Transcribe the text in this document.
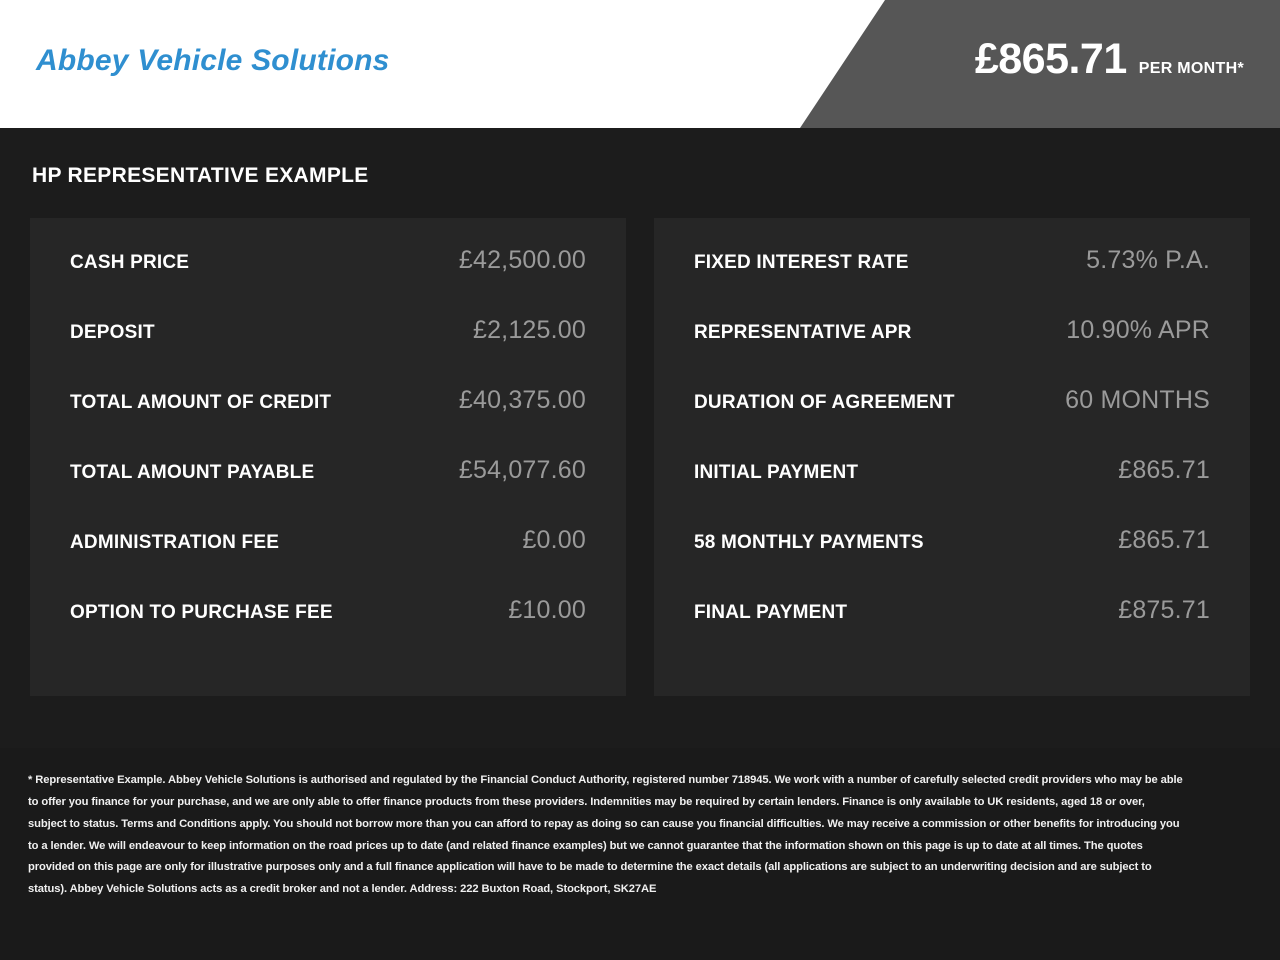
Abbey Vehicle Solutions	£865.71 PER MONTH*
HP REPRESENTATIVE EXAMPLE
CASH PRICE	£42,500.00
DEPOSIT	£2,125.00
TOTAL AMOUNT OF CREDIT	£40,375.00
TOTAL AMOUNT PAYABLE	£54,077.60
ADMINISTRATION FEE	£0.00
OPTION TO PURCHASE FEE	£10.00
FIXED INTEREST RATE	5.73% P.A.
REPRESENTATIVE APR	10.90% APR
DURATION OF AGREEMENT	60 MONTHS
INITIAL PAYMENT	£865.71
58 MONTHLY PAYMENTS	£865.71
FINAL PAYMENT	£875.71

* Representative Example. Abbey Vehicle Solutions is authorised and regulated by the Financial Conduct Authority, registered number 718945. We work with a number of carefully selected credit providers who may be able to offer you finance for your purchase, and we are only able to offer finance products from these providers. Indemnities may be required by certain lenders. Finance is only available to UK residents, aged 18 or over, subject to status. Terms and Conditions apply. You should not borrow more than you can afford to repay as doing so can cause you financial difficulties. We may receive a commission or other benefits for introducing you to a lender. We will endeavour to keep information on the road prices up to date (and related finance examples) but we cannot guarantee that the information shown on this page is up to date at all times. The quotes provided on this page are only for illustrative purposes only and a full finance application will have to be made to determine the exact details (all applications are subject to an underwriting decision and are subject to status). Abbey Vehicle Solutions acts as a credit broker and not a lender. Address: 222 Buxton Road, Stockport, SK27AE
